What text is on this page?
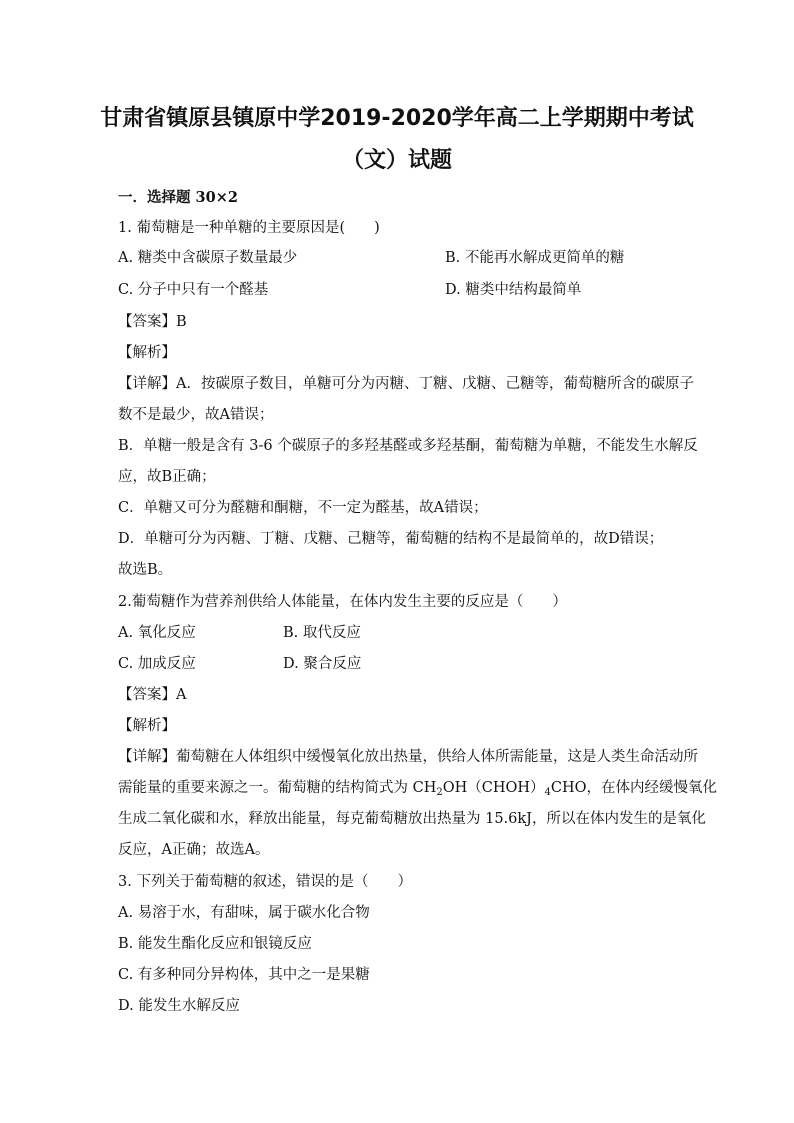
甘肃省镇原县镇原中学2019-2020学年高二上学期期中考试
（文）试题
一．选择题 30×2
1. 葡萄糖是一种单糖的主要原因是(　　)
A. 糖类中含碳原子数量最少	B. 不能再水解成更简单的糖
C. 分子中只有一个醛基	D. 糖类中结构最简单
【答案】B
【解析】
【详解】A．按碳原子数目，单糖可分为丙糖、丁糖、戊糖、己糖等，葡萄糖所含的碳原子
数不是最少，故A错误；
B．单糖一般是含有 3-6 个碳原子的多羟基醛或多羟基酮，葡萄糖为单糖，不能发生水解反
应，故B正确；
C．单糖又可分为醛糖和酮糖，不一定为醛基，故A错误；
D．单糖可分为丙糖、丁糖、戊糖、己糖等，葡萄糖的结构不是最简单的，故D错误；
故选B。
2.葡萄糖作为营养剂供给人体能量，在体内发生主要的反应是（　　）
A. 氧化反应	B. 取代反应
C. 加成反应	D. 聚合反应
【答案】A
【解析】
【详解】葡萄糖在人体组织中缓慢氧化放出热量，供给人体所需能量，这是人类生命活动所
需能量的重要来源之一。葡萄糖的结构简式为 $CH_2OH(CHOH)_4CHO$，在体内经缓慢氧化
生成二氧化碳和水，释放出能量，每克葡萄糖放出热量为 15.6kJ，所以在体内发生的是氧化
反应，A正确；故选A。
3. 下列关于葡萄糖的叙述，错误的是（　　）
A. 易溶于水，有甜味，属于碳水化合物
B. 能发生酯化反应和银镜反应
C. 有多种同分异构体，其中之一是果糖
D. 能发生水解反应
